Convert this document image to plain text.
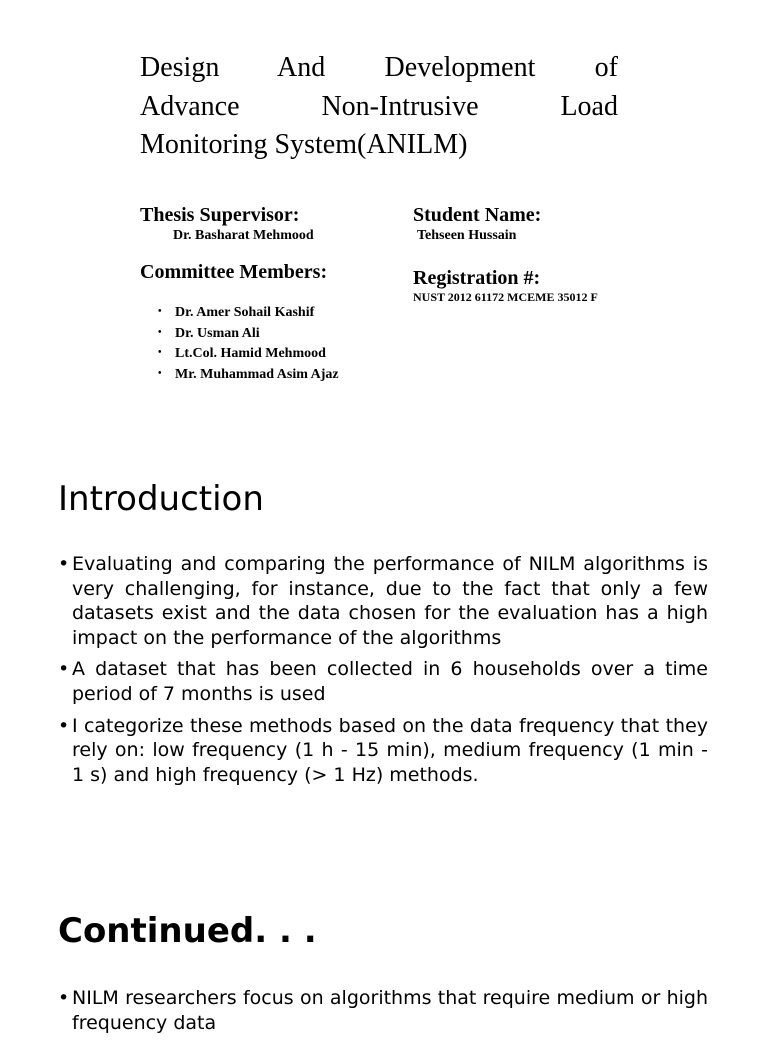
Design And Development of
Advance Non-Intrusive Load
Monitoring System(ANILM)
Thesis Supervisor:
Dr. Basharat Mehmood
Committee Members:
• Dr. Amer Sohail Kashif
• Dr. Usman Ali
• Lt.Col. Hamid Mehmood
• Mr. Muhammad Asim Ajaz
Student Name:
Tehseen Hussain
Registration #:
NUST 2012 61172 MCEME 35012 F
Introduction
• Evaluating and comparing the performance of NILM algorithms is very challenging, for instance, due to the fact that only a few datasets exist and the data chosen for the evaluation has a high impact on the performance of the algorithms
• A dataset that has been collected in 6 households over a time period of 7 months is used
• I categorize these methods based on the data frequency that they rely on: low frequency (1 h - 15 min), medium frequency (1 min - 1 s) and high frequency (> 1 Hz) methods.
Continued. . .
• NILM researchers focus on algorithms that require medium or high frequency data
